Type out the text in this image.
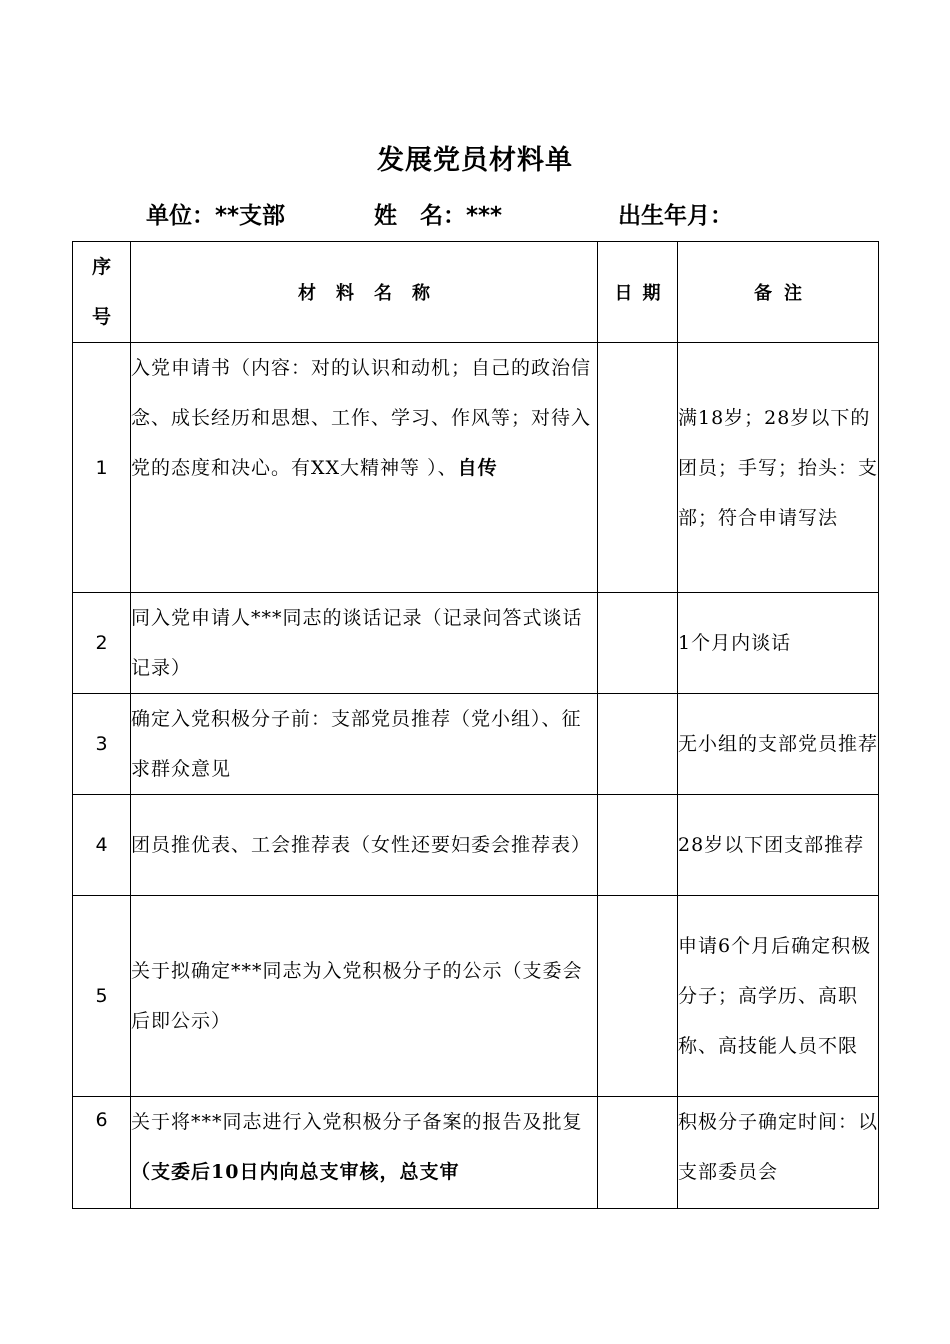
发展党员材料单
单位：**支部	姓　名：***	出生年月：
序
号	材料名称	日期	备注
1	入党申请书（内容：对的认识和动机；自己的政治信念、成长经历和思想、工作、学习、作风等；对待入党的态度和决心。有XX大精神等 ）、自传		满18岁；28岁以下的团员；手写；抬头：支部；符合申请写法
2	同入党申请人***同志的谈话记录（记录问答式谈话记录）		1个月内谈话
3	确定入党积极分子前：支部党员推荐（党小组）、征求群众意见		无小组的支部党员推荐
4	团员推优表、工会推荐表（女性还要妇委会推荐表）		28岁以下团支部推荐
5	关于拟确定***同志为入党积极分子的公示（支委会后即公示）		申请6个月后确定积极分子；高学历、高职称、高技能人员不限
6	关于将***同志进行入党积极分子备案的报告及批复（支委后10日内向总支审核，总支审		积极分子确定时间：以支部委员会
